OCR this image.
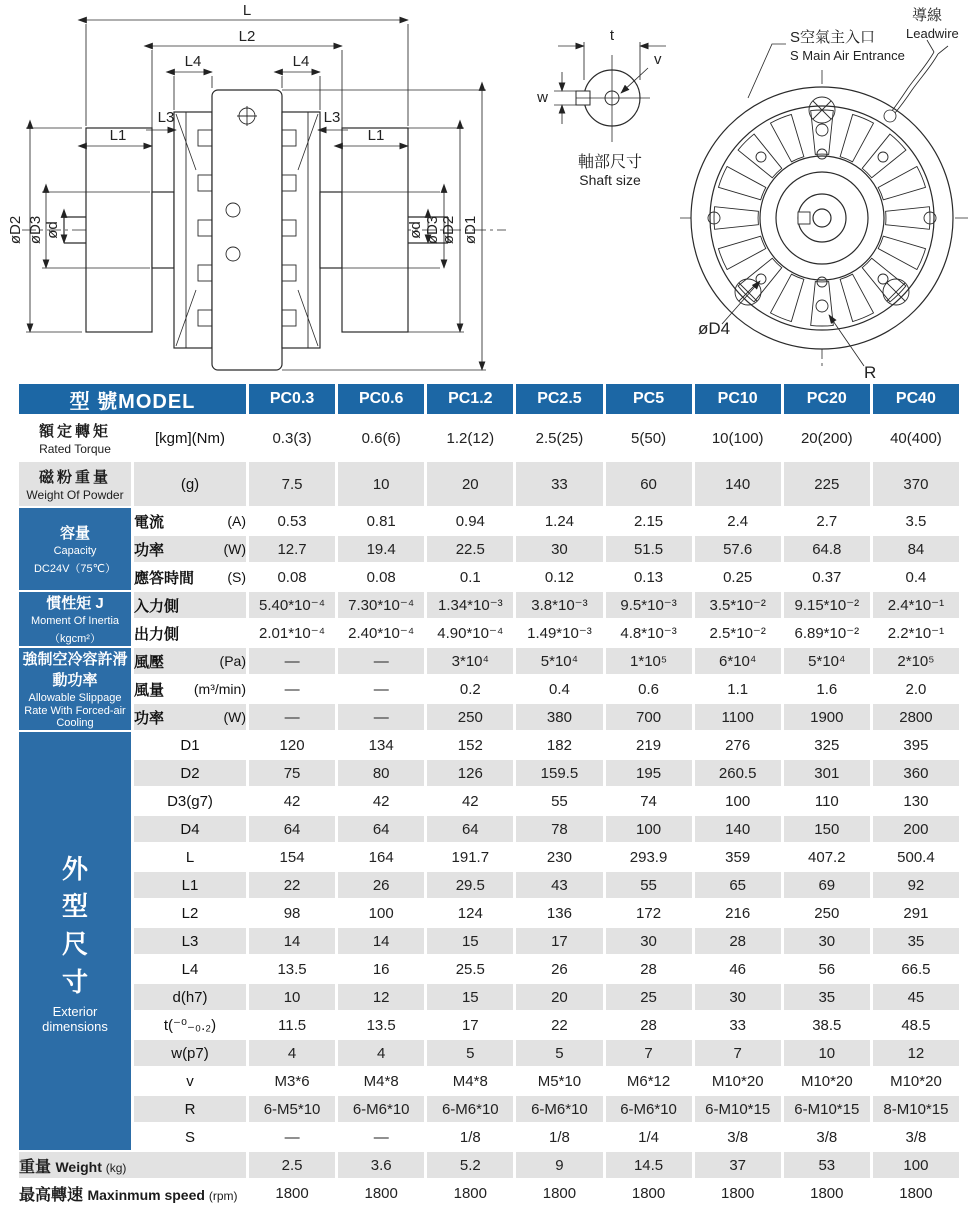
L
L2
L4	L4
L3	L3
L1	L1
øD2 øD3 ød	ød øD3 øD2 øD1
t
v
w
軸部尺寸
Shaft size
S空氣主入口
S Main Air Entrance
導線
Leadwire
øD4
R
型 號MODEL		PC0.3	PC0.6	PC1.2	PC2.5	PC5	PC10	PC20	PC40

額定轉矩
Rated Torque	[kgm](Nm)	0.3(3)	0.6(6)	1.2(12)	2.5(25)	5(50)	10(100)	20(200)	40(400)

磁粉重量
Weight Of Powder	(g)	7.5	10	20	33	60	140	225	370

容量
Capacity
DC24V（75℃）

電流	(A)	0.53	0.81	0.94	1.24	2.15	2.4	2.7	3.5

	功率 (W)	12.7	19.4	22.5	30	51.5	57.6	64.8	84

	應答時間 (S)	0.08	0.08	0.1	0.12	0.13	0.25	0.37	0.4

慣性矩 J
Moment Of Inertia
（kgcm²）	入力側	5.40*10⁻⁴	7.30*10⁻⁴	1.34*10⁻³	3.8*10⁻³	9.5*10⁻³	3.5*10⁻²	9.15*10⁻²	2.4*10⁻¹
	出力側	2.01*10⁻⁴	2.40*10⁻⁴	4.90*10⁻⁴	1.49*10⁻³	4.8*10⁻³	2.5*10⁻²	6.89*10⁻²	2.2*10⁻¹

強制空冷容許滑動功率
Allowable Slippage Rate With Forced-air Cooling

風壓	(Pa)	—	—	3*10⁴	5*10⁴	1*10⁵	6*10⁴	5*10⁴	2*10⁵

	風量 (m³/min)	—	—	0.2	0.4	0.6	1.1	1.6	2.0

	功率 (W)	—	—	250	380	700	1100	1900	2800

外型尺寸
Exterior dimensions	D1	120	134	152	182	219	276	325	395
	D2	75	80	126	159.5	195	260.5	301	360
	D3(g7)	42	42	42	55	74	100	110	130
	D4	64	64	64	78	100	140	150	200
	L	154	164	191.7	230	293.9	359	407.2	500.4
	L1	22	26	29.5	43	55	65	69	92
	L2	98	100	124	136	172	216	250	291
	L3	14	14	15	17	30	28	30	35
	L4	13.5	16	25.5	26	28	46	56	66.5
	d(h7)	10	12	15	20	25	30	35	45
	t(⁻⁰₋₀.₂)	11.5	13.5	17	22	28	33	38.5	48.5
	w(p7)	4	4	5	5	7	7	10	12
	v	M3*6	M4*8	M4*8	M5*10	M6*12	M10*20	M10*20	M10*20
	R	6-M5*10	6-M6*10	6-M6*10	6-M6*10	6-M6*10	6-M10*15	6-M10*15	8-M10*15
	S	—	—	1/8	1/8	1/4	3/8	3/8	3/8
重量 Weight (kg)		2.5	3.6	5.2	9	14.5	37	53	100
最高轉速 Maxinmum speed (rpm)		1800	1800	1800	1800	1800	1800	1800	1800
